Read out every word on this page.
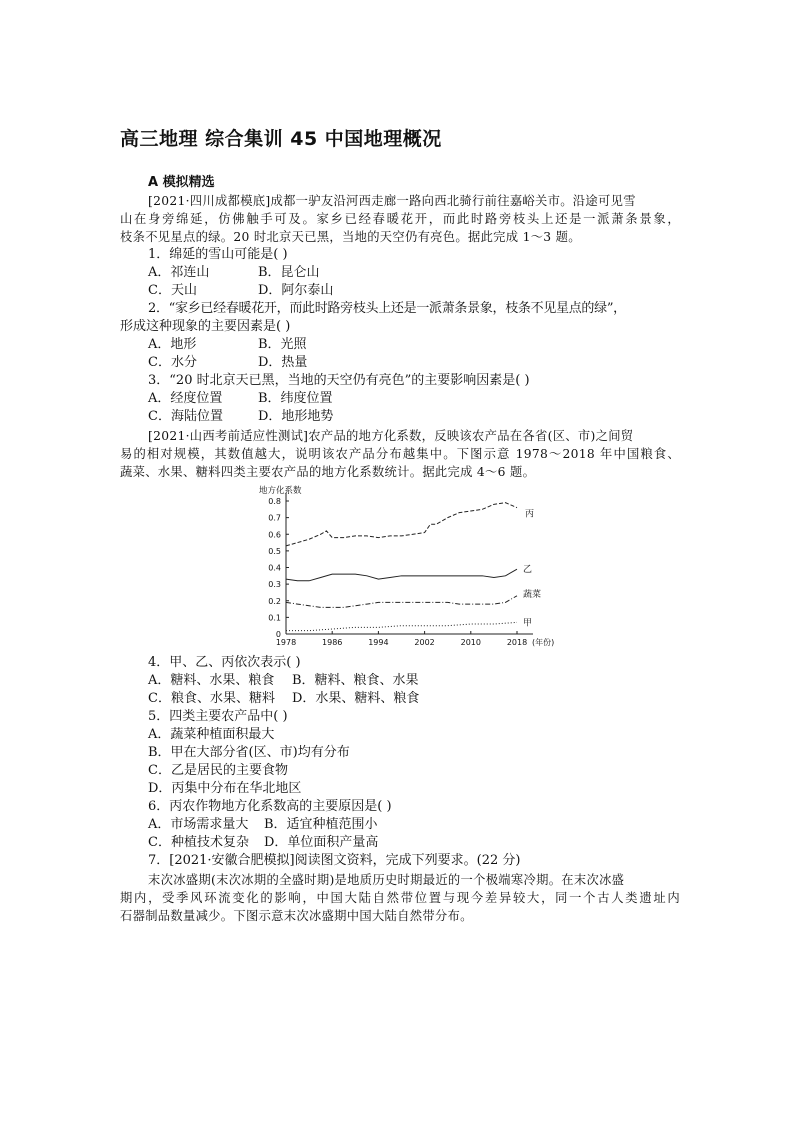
高三地理 综合集训 45 中国地理概况
A 模拟精选
[2021·四川成都模底]成都一驴友沿河西走廊一路向西北骑行前往嘉峪关市。沿途可见雪
山在身旁绵延，仿佛触手可及。家乡已经春暖花开，而此时路旁枝头上还是一派萧条景象，
枝条不见星点的绿。20 时北京天已黑，当地的天空仍有亮色。据此完成 1～3 题。
1．绵延的雪山可能是( )
A．祁连山	B．昆仑山
C．天山	D．阿尔泰山
2．“家乡已经春暖花开，而此时路旁枝头上还是一派萧条景象，枝条不见星点的绿”，
形成这种现象的主要因素是( )
A．地形	B．光照
C．水分	D．热量
3．“20 时北京天已黑，当地的天空仍有亮色”的主要影响因素是( )
A．经度位置	B．纬度位置
C．海陆位置	D．地形地势
[2021·山西考前适应性测试]农产品的地方化系数，反映该农产品在各省(区、市)之间贸
易的相对规模，其数值越大，说明该农产品分布越集中。下图示意 1978～2018 年中国粮食、
蔬菜、水果、糖料四类主要农产品的地方化系数统计。据此完成 4～6 题。
0
0.1
0.2
0.3
0.4
0.5
0.6
0.7
0.8
1978	1986	1994	2002	2010	2018
地方化系数
(年份)
丙
乙
蔬菜
甲
4．甲、乙、丙依次表示( )
A．糖料、水果、粮食 B．糖料、粮食、水果
C．粮食、水果、糖料 D．水果、糖料、粮食
5．四类主要农产品中( )
A．蔬菜种植面积最大
B．甲在大部分省(区、市)均有分布
C．乙是居民的主要食物
D．丙集中分布在华北地区
6．丙农作物地方化系数高的主要原因是( )
A．市场需求量大 B．适宜种植范围小
C．种植技术复杂 D．单位面积产量高
7．[2021·安徽合肥模拟]阅读图文资料，完成下列要求。(22 分)
末次冰盛期(末次冰期的全盛时期)是地质历史时期最近的一个极端寒冷期。在末次冰盛
期内，受季风环流变化的影响，中国大陆自然带位置与现今差异较大，同一个古人类遗址内
石器制品数量减少。下图示意末次冰盛期中国大陆自然带分布。
